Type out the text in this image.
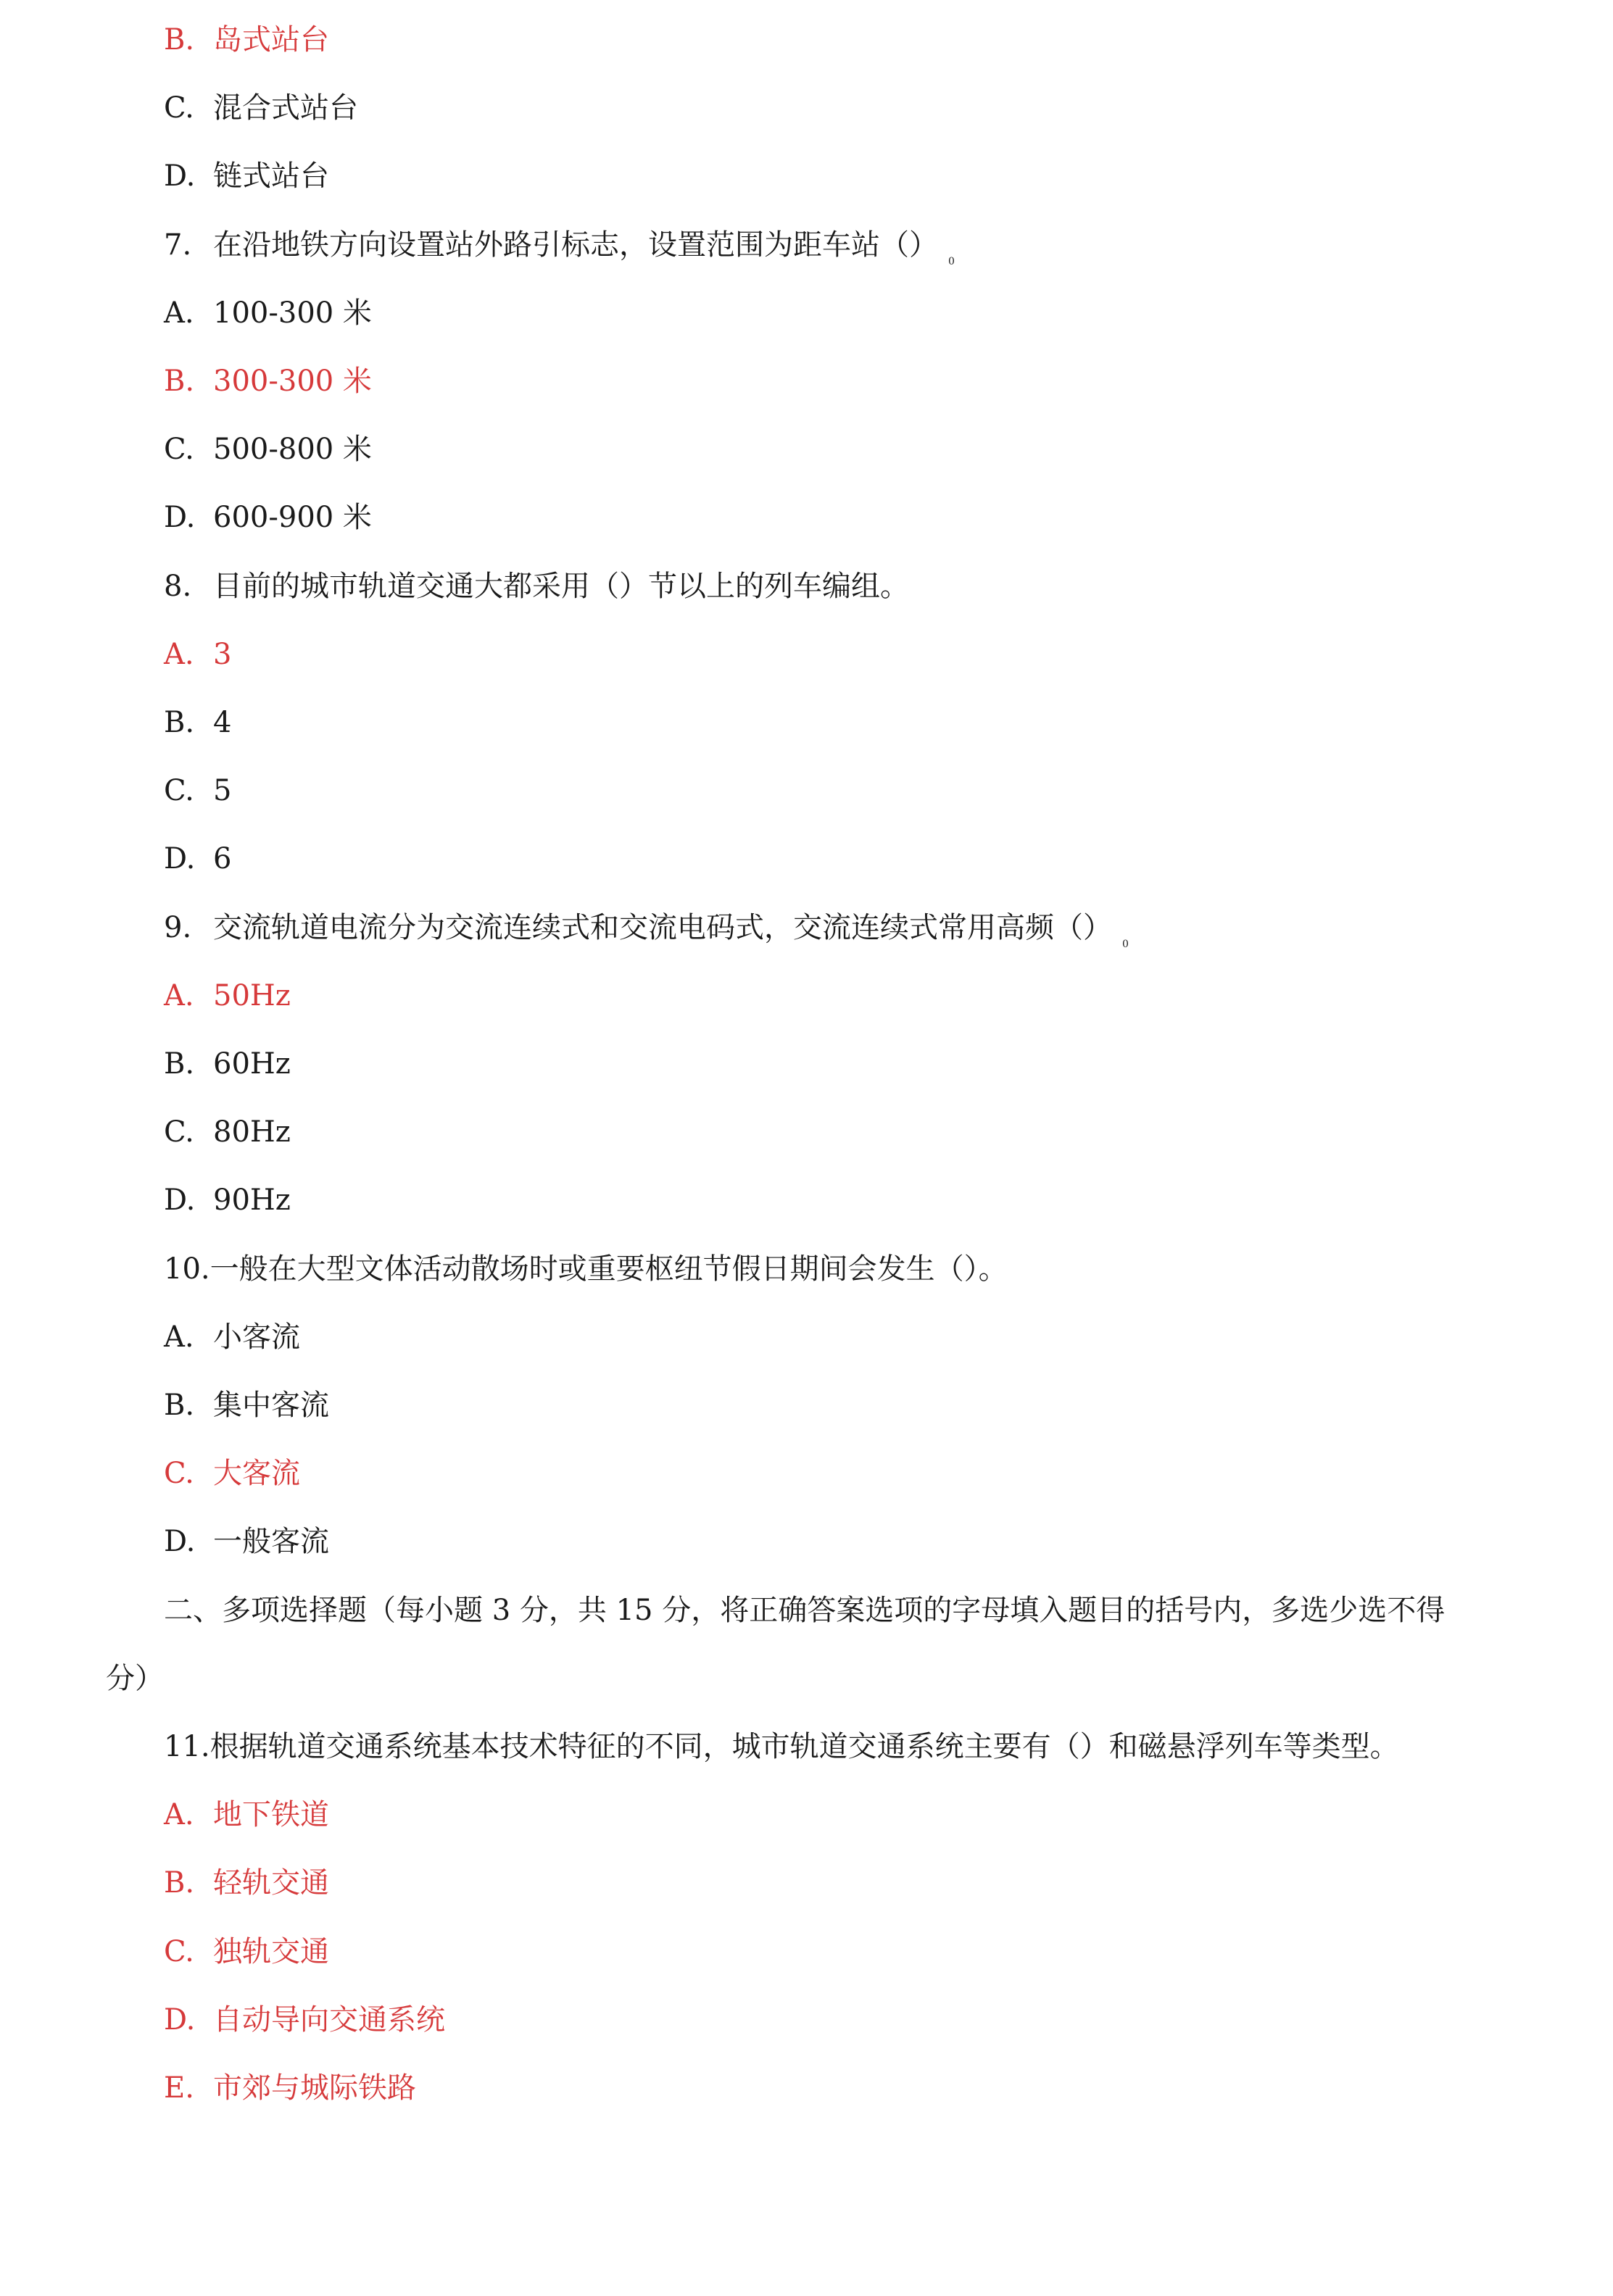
B. 岛式站台
C. 混合式站台
D. 链式站台
7. 在沿地铁方向设置站外路引标志，设置范围为距车站（） $_0$
A. 100-300 米
B. 300-300 米
C. 500-800 米
D. 600-900 米
8. 目前的城市轨道交通大都采用（）节以上的列车编组。
A. 3
B. 4
C. 5
D. 6
9. 交流轨道电流分为交流连续式和交流电码式，交流连续式常用高频（） $_0$
A. 50Hz
B. 60Hz
C. 80Hz
D. 90Hz
10.一般在大型文体活动散场时或重要枢纽节假日期间会发生（）。
A. 小客流
B. 集中客流
C. 大客流
D. 一般客流
二、多项选择题（每小题 3 分，共 15 分，将正确答案选项的字母填入题目的括号内，多选少选不得
分）
11.根据轨道交通系统基本技术特征的不同，城市轨道交通系统主要有（）和磁悬浮列车等类型。
A. 地下铁道
B. 轻轨交通
C. 独轨交通
D. 自动导向交通系统
E. 市郊与城际铁路
